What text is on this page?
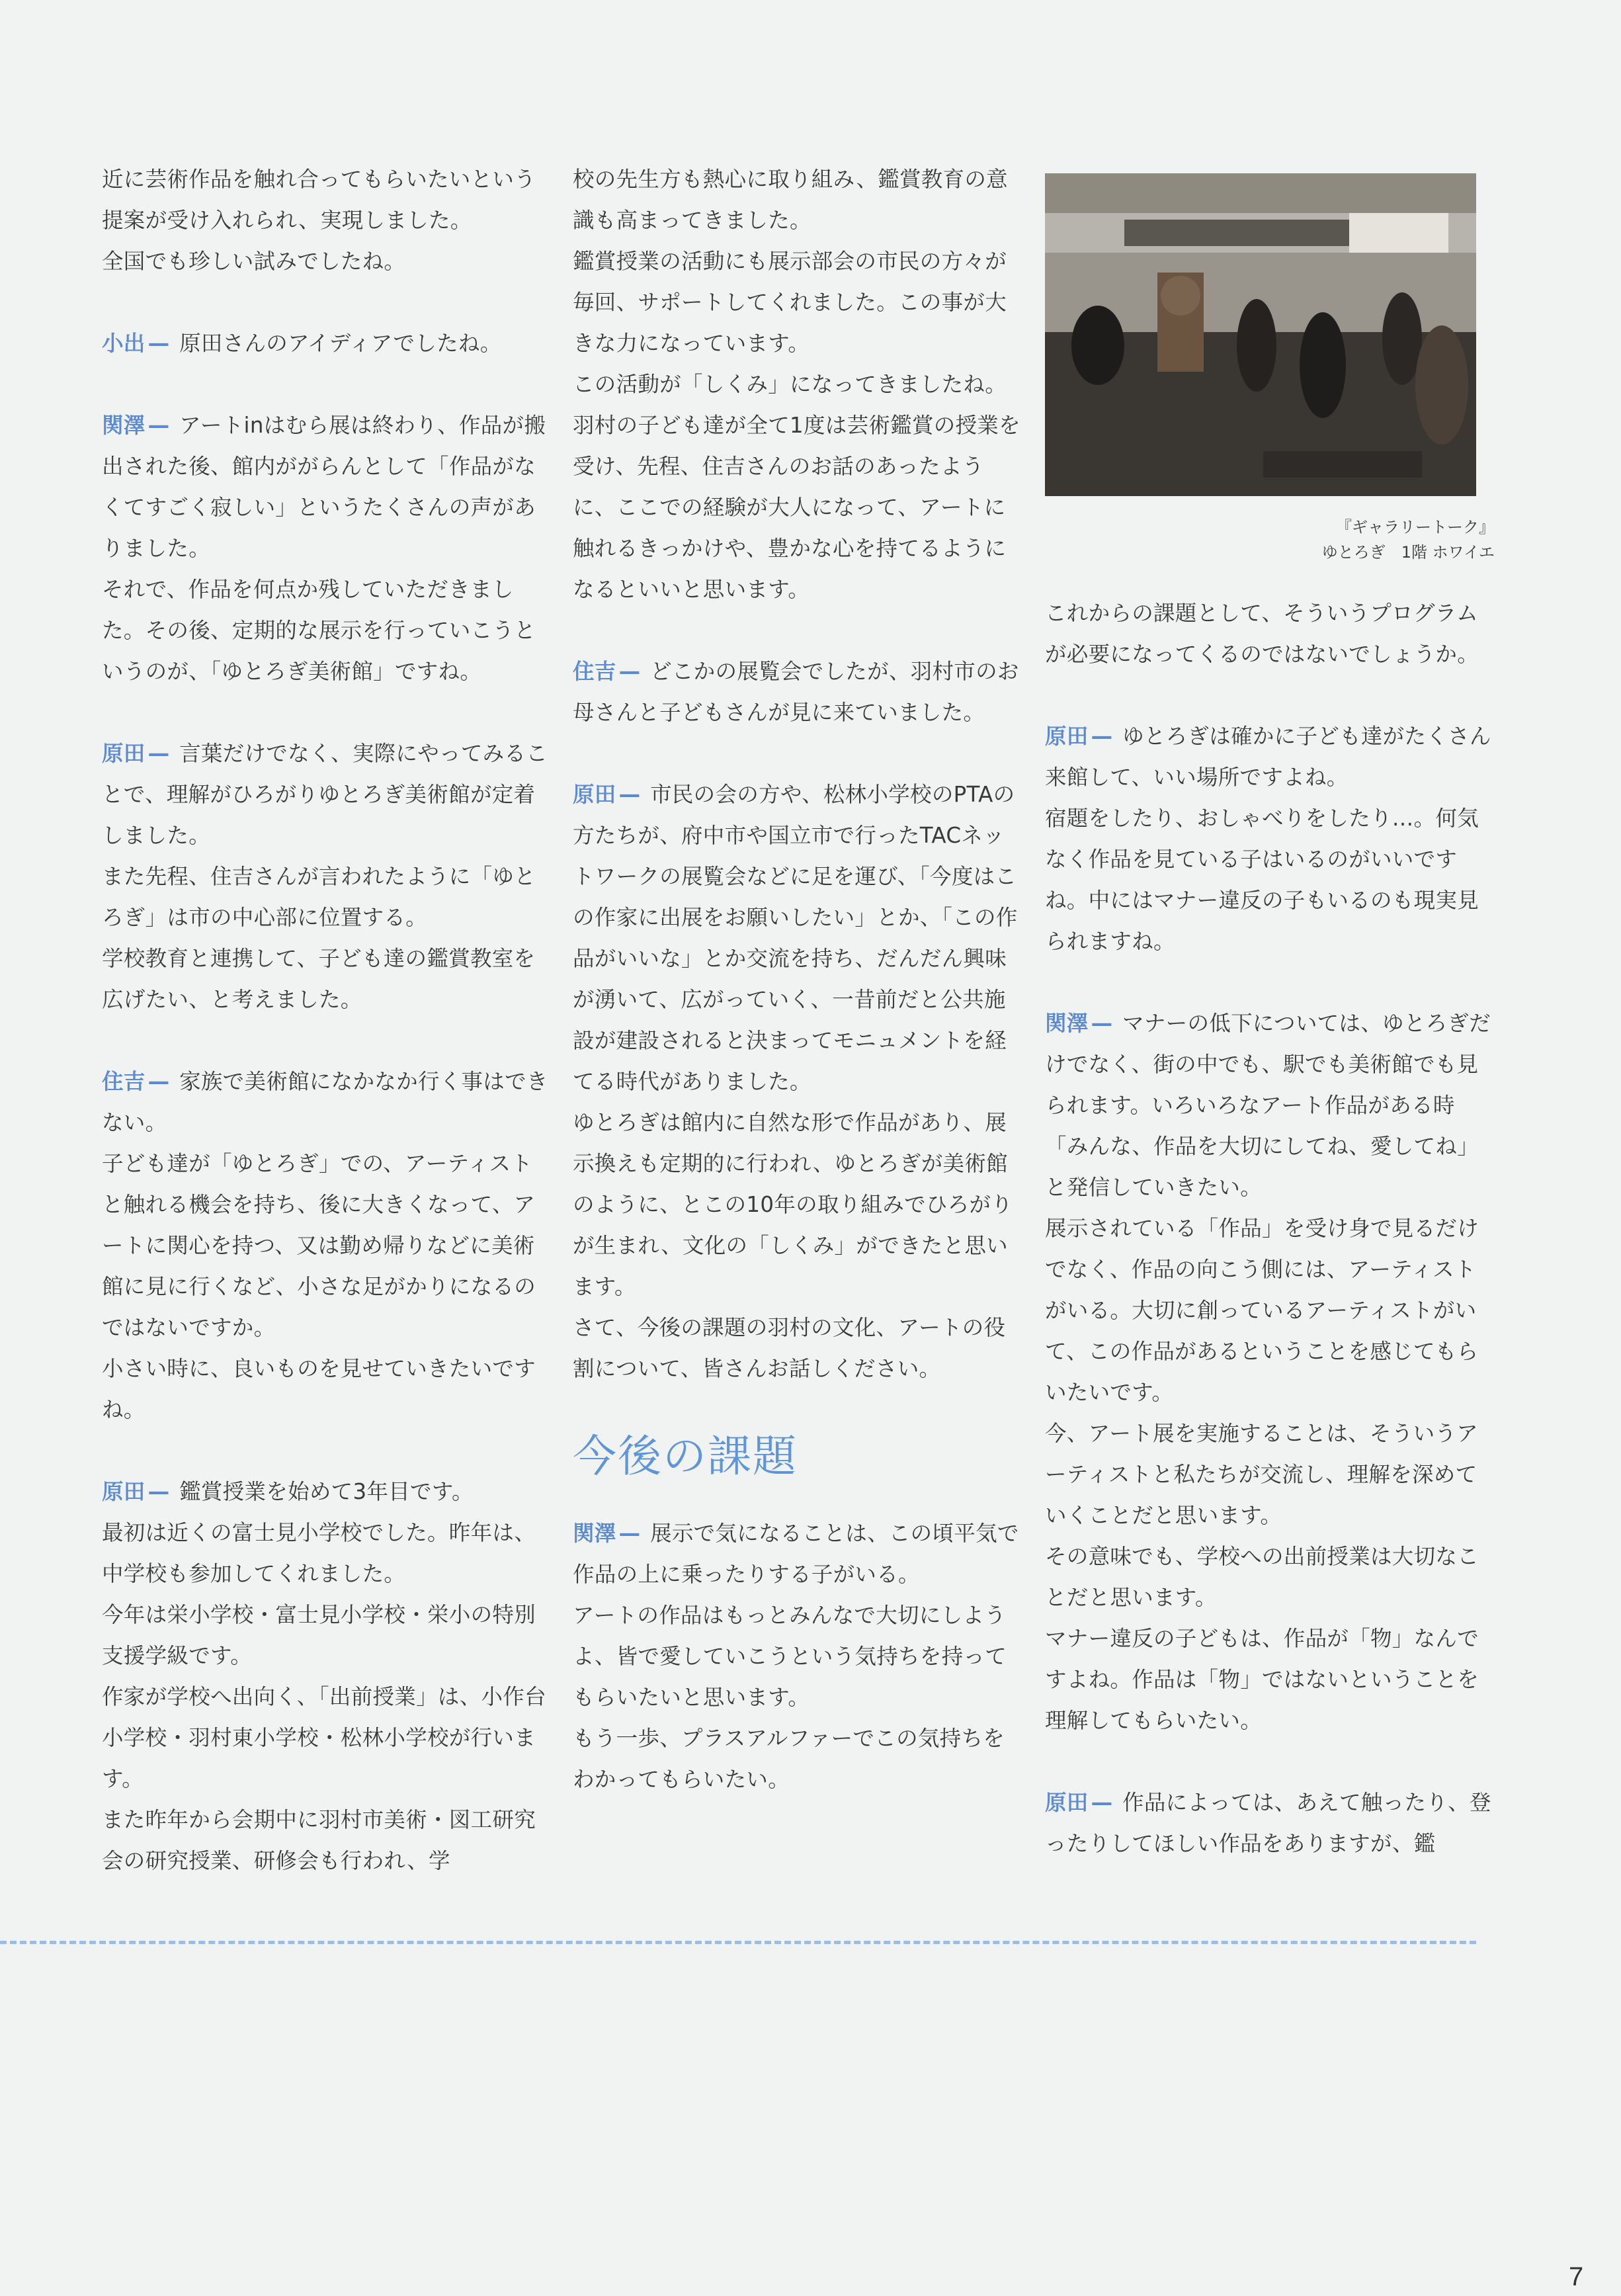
近に芸術作品を触れ合ってもらいたいという提案が受け入れられ、実現しました。
全国でも珍しい試みでしたね。

小出 — 原田さんのアイディアでしたね。

関澤 — アートinはむら展は終わり、作品が搬出された後、館内ががらんとして「作品がなくてすごく寂しい」というたくさんの声がありました。
それで、作品を何点か残していただきました。その後、定期的な展示を行っていこうというのが、「ゆとろぎ美術館」ですね。

原田 — 言葉だけでなく、実際にやってみることで、理解がひろがりゆとろぎ美術館が定着しました。
また先程、住吉さんが言われたように「ゆとろぎ」は市の中心部に位置する。
学校教育と連携して、子ども達の鑑賞教室を広げたい、と考えました。

住吉 — 家族で美術館になかなか行く事はできない。
子ども達が「ゆとろぎ」での、アーティストと触れる機会を持ち、後に大きくなって、アートに関心を持つ、又は勤め帰りなどに美術館に見に行くなど、小さな足がかりになるのではないですか。
小さい時に、良いものを見せていきたいですね。

原田 — 鑑賞授業を始めて3年目です。
最初は近くの富士見小学校でした。昨年は、中学校も参加してくれました。
今年は栄小学校・富士見小学校・栄小の特別支援学級です。
作家が学校へ出向く、「出前授業」は、小作台小学校・羽村東小学校・松林小学校が行います。
また昨年から会期中に羽村市美術・図工研究会の研究授業、研修会も行われ、学

校の先生方も熱心に取り組み、鑑賞教育の意識も高まってきました。
鑑賞授業の活動にも展示部会の市民の方々が毎回、サポートしてくれました。この事が大きな力になっています。
この活動が「しくみ」になってきましたね。
羽村の子ども達が全て1度は芸術鑑賞の授業を受け、先程、住吉さんのお話のあったように、ここでの経験が大人になって、アートに触れるきっかけや、豊かな心を持てるようになるといいと思います。

住吉 — どこかの展覧会でしたが、羽村市のお母さんと子どもさんが見に来ていました。

原田 — 市民の会の方や、松林小学校のPTAの方たちが、府中市や国立市で行ったTACネットワークの展覧会などに足を運び、「今度はこの作家に出展をお願いしたい」とか、「この作品がいいな」とか交流を持ち、だんだん興味が湧いて、広がっていく、一昔前だと公共施設が建設されると決まってモニュメントを経てる時代がありました。
ゆとろぎは館内に自然な形で作品があり、展示換えも定期的に行われ、ゆとろぎが美術館のように、とこの10年の取り組みでひろがりが生まれ、文化の「しくみ」ができたと思います。
さて、今後の課題の羽村の文化、アートの役割について、皆さんお話しください。

今後の課題

関澤 — 展示で気になることは、この頃平気で作品の上に乗ったりする子がいる。
アートの作品はもっとみんなで大切にしようよ、皆で愛していこうという気持ちを持ってもらいたいと思います。
もう一歩、プラスアルファーでこの気持ちをわかってもらいたい。

『ギャラリートーク』
ゆとろぎ　1階 ホワイエ

これからの課題として、そういうプログラムが必要になってくるのではないでしょうか。

原田 — ゆとろぎは確かに子ども達がたくさん来館して、いい場所ですよね。
宿題をしたり、おしゃべりをしたり…。何気なく作品を見ている子はいるのがいいですね。中にはマナー違反の子もいるのも現実見られますね。

関澤 — マナーの低下については、ゆとろぎだけでなく、街の中でも、駅でも美術館でも見られます。いろいろなアート作品がある時「みんな、作品を大切にしてね、愛してね」と発信していきたい。
展示されている「作品」を受け身で見るだけでなく、作品の向こう側には、アーティストがいる。大切に創っているアーティストがいて、この作品があるということを感じてもらいたいです。
今、アート展を実施することは、そういうアーティストと私たちが交流し、理解を深めていくことだと思います。
その意味でも、学校への出前授業は大切なことだと思います。
マナー違反の子どもは、作品が「物」なんですよね。作品は「物」ではないということを理解してもらいたい。

原田 — 作品によっては、あえて触ったり、登ったりしてほしい作品をありますが、鑑

7
